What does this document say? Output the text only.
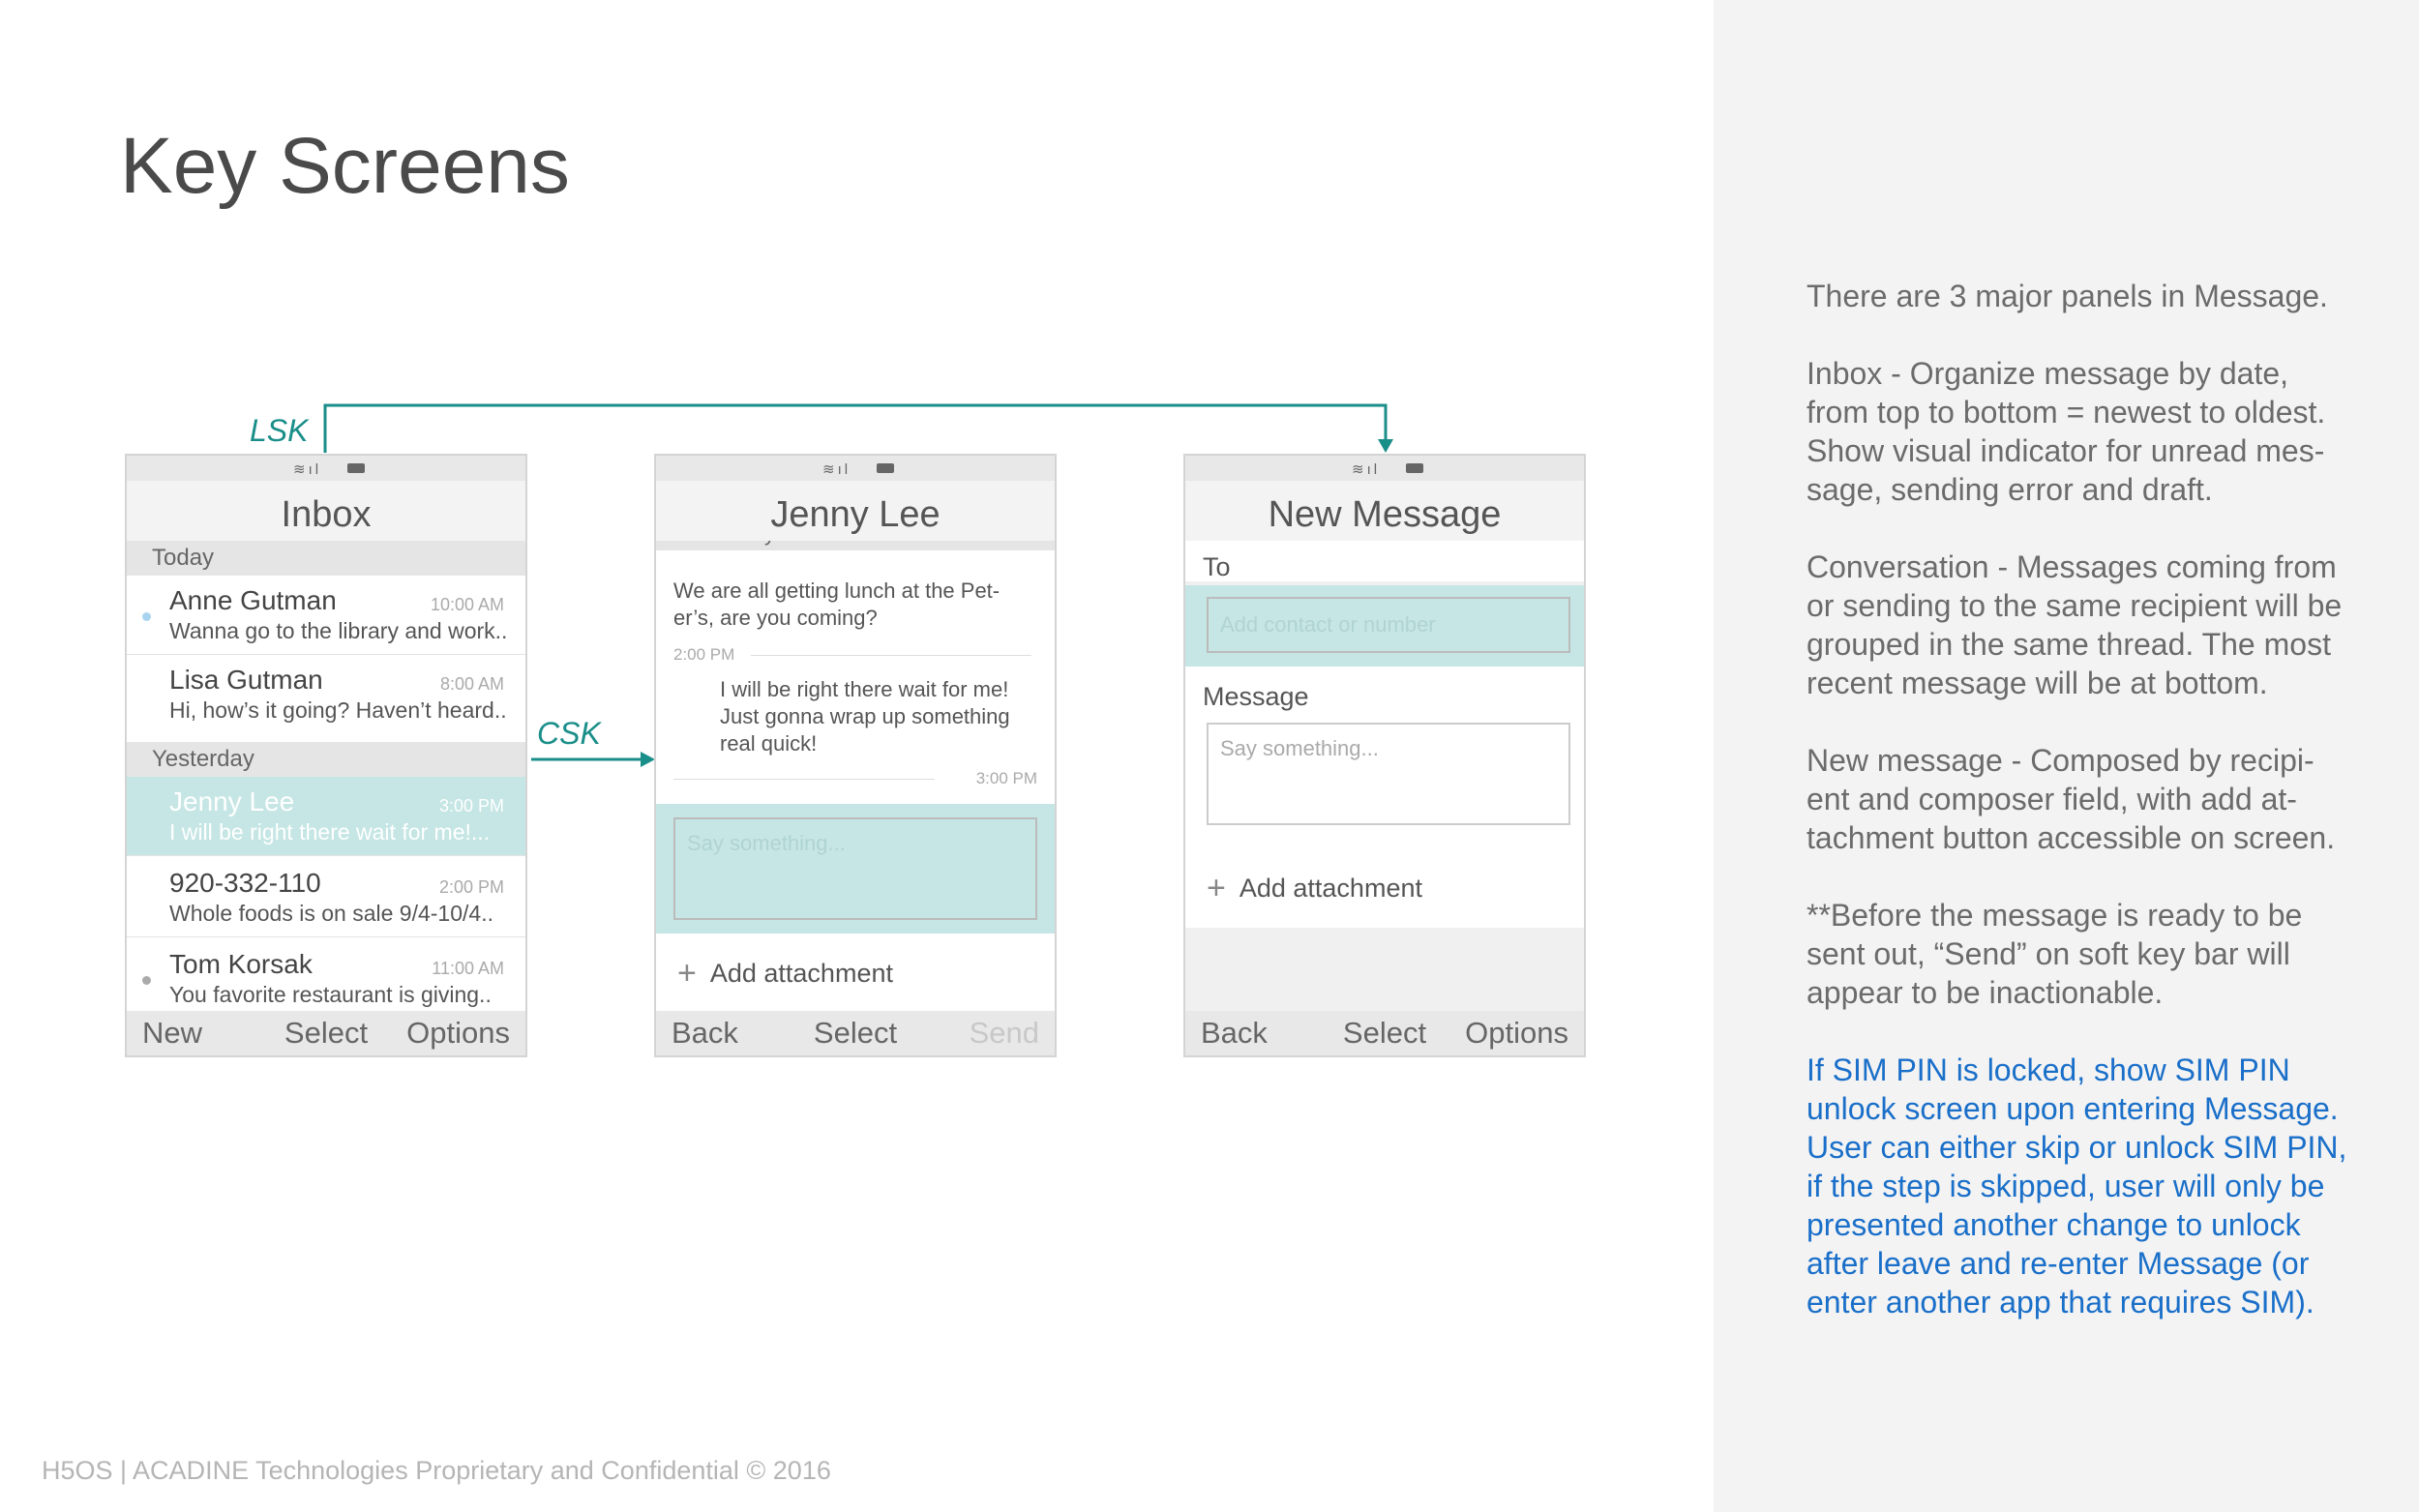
Key Screens
LSK
CSK
≋ıl
Inbox
Today
Anne Gutman	10:00 AM
Wanna go to the library and work..
Lisa Gutman	8:00 AM
Hi, how’s it going? Haven’t heard..
Yesterday
Jenny Lee	3:00 PM
I will be right there wait for me!...
920-332-110	2:00 PM
Whole foods is on sale 9/4-10/4..
Tom Korsak	11:00 AM
You favorite restaurant is giving..
New	Select	Options
≋ıl
Jenny Lee
We are all getting lunch at the Pet-
er’s, are you coming?
2:00 PM
I will be right there wait for me!
Just gonna wrap up something
real quick!
3:00 PM
Say something...
+ Add attachment
Back	Select	Send
≋ıl
New Message
To
Add contact or number
Message
Say something...
+ Add attachment
Back	Select	Options

There are 3 major panels in Message.

Inbox - Organize message by date, from top to bottom = newest to oldest. Show visual indicator for unread mes-sage, sending error and draft.

Conversation - Messages coming from or sending to the same recipient will be grouped in the same thread. The most recent message will be at bottom.

New message - Composed by recipi-ent and composer field, with add at-tachment button accessible on screen.

**Before the message is ready to be sent out, “Send” on soft key bar will appear to be inactionable.

If SIM PIN is locked, show SIM PIN unlock screen upon entering Message. User can either skip or unlock SIM PIN, if the step is skipped, user will only be presented another change to unlock after leave and re-enter Message (or enter another app that requires SIM).

H5OS | ACADINE Technologies Proprietary and Confidential © 2016
